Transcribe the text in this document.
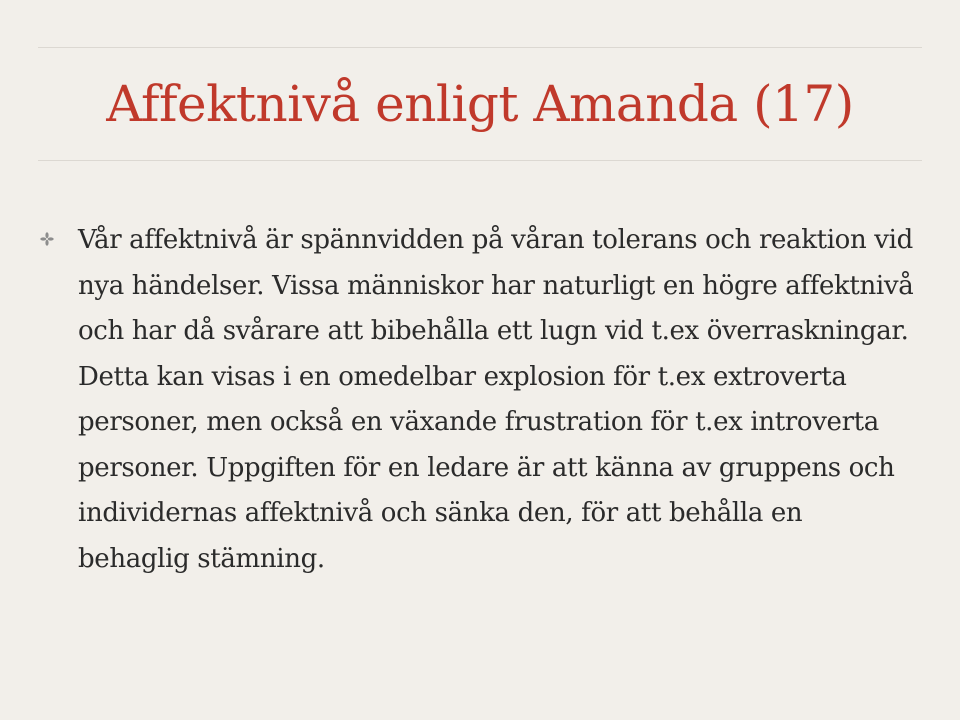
Affektnivå enligt Amanda (17)

Vår affektnivå är spännvidden på våran tolerans och reaktion vid nya händelser. Vissa människor har naturligt en högre affektnivå och har då svårare att bibehålla ett lugn vid t.ex överraskningar. Detta kan visas i en omedelbar explosion för t.ex extroverta personer, men också en växande frustration för t.ex introverta personer. Uppgiften för en ledare är att känna av gruppens och individernas affektnivå och sänka den, för att behålla en behaglig stämning.
